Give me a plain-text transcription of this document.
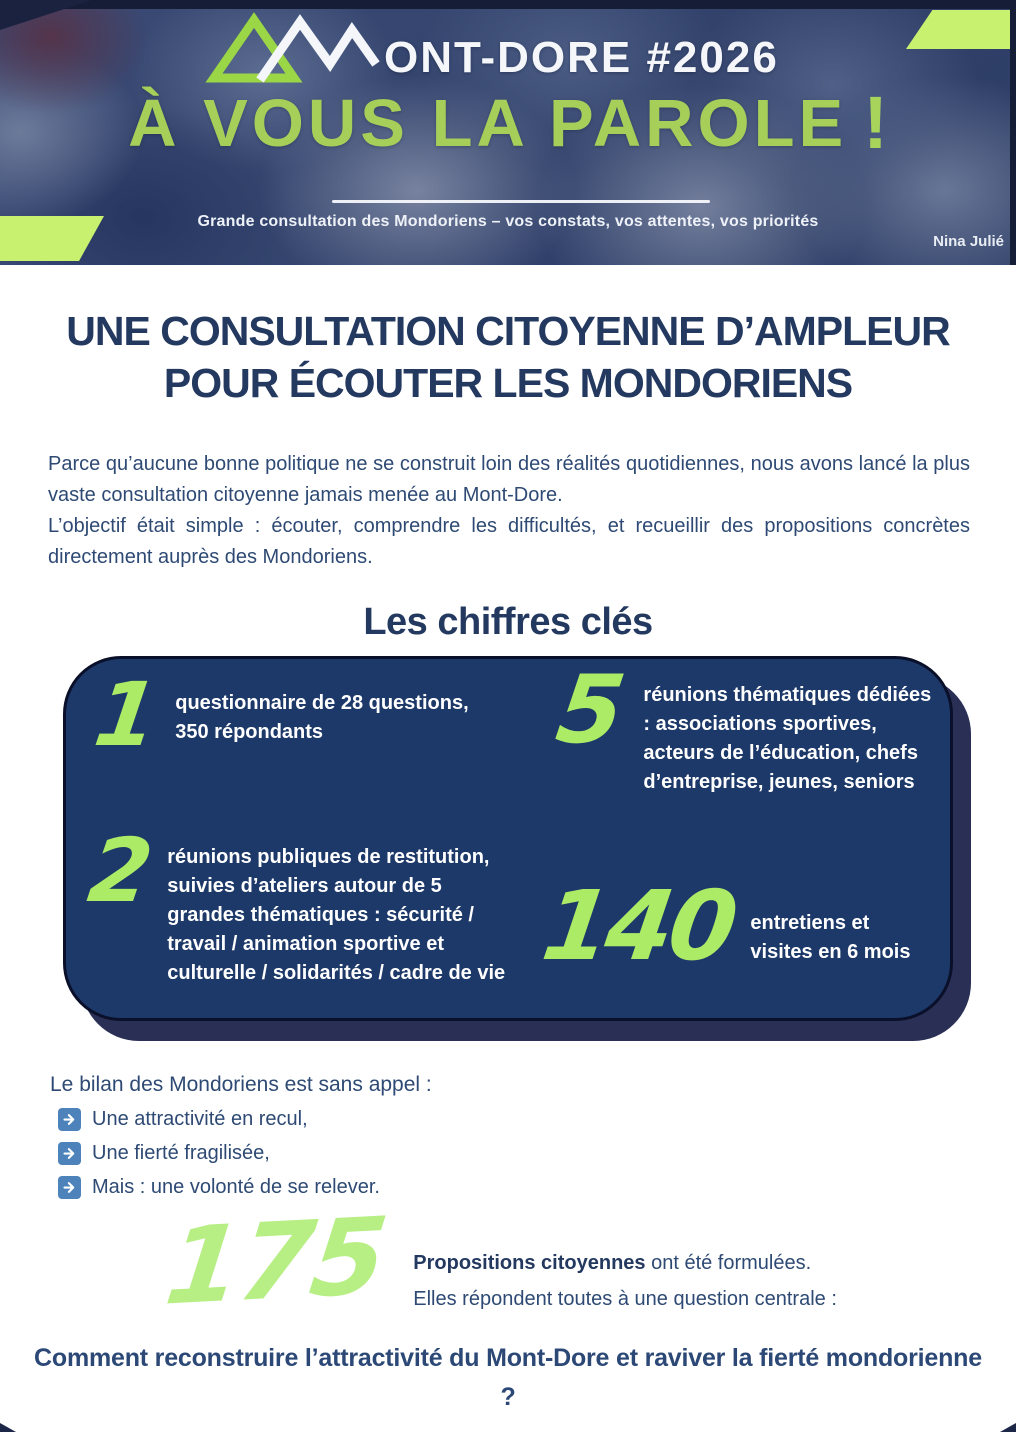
ONT-DORE #2026
À VOUS LA PAROLE !
Grande consultation des Mondoriens – vos constats, vos attentes, vos priorités
Nina Julié
UNE CONSULTATION CITOYENNE D’AMPLEUR
POUR ÉCOUTER LES MONDORIENS

Parce qu’aucune bonne politique ne se construit loin des réalités quotidiennes, nous avons lancé la plus vaste consultation citoyenne jamais menée au Mont-Dore.

L’objectif était simple : écouter, comprendre les difficultés, et recueillir des propositions concrètes directement auprès des Mondoriens.

Les chiffres clés
1 questionnaire de 28 questions,
350 répondants	5 réunions thématiques dédiées
: associations sportives,
acteurs de l’éducation, chefs
d’entreprise, jeunes, seniors
2 réunions publiques de restitution,
suivies d’ateliers autour de 5
grandes thématiques : sécurité /
travail / animation sportive et
culturelle / solidarités / cadre de vie 140 entretiens et
visites en 6 mois
Le bilan des Mondoriens est sans appel :
Une attractivité en recul,
Une fierté fragilisée,
Mais : une volonté de se relever.
175 Propositions citoyennes ont été formulées.
Elles répondent toutes à une question centrale :
Comment reconstruire l’attractivité du Mont-Dore et raviver la fierté mondorienne ?
